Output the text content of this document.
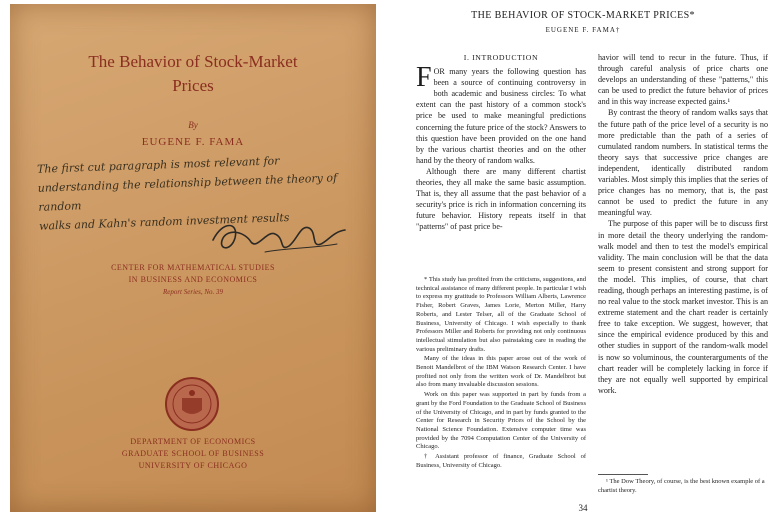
The Behavior of Stock-Market
Prices
By
EUGENE F. FAMA
The first cut paragraph is most relevant for
understanding the relationship between the theory of random
walks and Kahn's random investment results
CENTER FOR MATHEMATICAL STUDIES
IN BUSINESS AND ECONOMICS
Report Series, No. 39
DEPARTMENT OF ECONOMICS
GRADUATE SCHOOL OF BUSINESS
UNIVERSITY OF CHICAGO
THE BEHAVIOR OF STOCK-MARKET PRICES*
EUGENE F. FAMA†
I. INTRODUCTION

FOR many years the following question has been a source of continuing controversy in both academic and business circles: To what extent can the past history of a common stock's price be used to make meaningful predictions concerning the future price of the stock? Answers to this question have been provided on the one hand by the various chartist theories and on the other hand by the theory of random walks.

Although there are many different chartist theories, they all make the same basic assumption. That is, they all assume that the past behavior of a security's price is rich in information concerning its future behavior. History repeats itself in that "patterns" of past price be-

* This study has profited from the criticisms, suggestions, and technical assistance of many different people. In particular I wish to express my gratitude to Professors William Alberts, Lawrence Fisher, Robert Graves, James Lorie, Merton Miller, Harry Roberts, and Lester Telser, all of the Graduate School of Business, University of Chicago. I wish especially to thank Professors Miller and Roberts for providing not only continuous intellectual stimulation but also painstaking care in reading the various preliminary drafts.

Many of the ideas in this paper arose out of the work of Benoit Mandelbrot of the IBM Watson Research Center. I have profited not only from the written work of Dr. Mandelbrot but also from many invaluable discussion sessions.

Work on this paper was supported in part by funds from a grant by the Ford Foundation to the Graduate School of Business of the University of Chicago, and in part by funds granted to the Center for Research in Security Prices of the School by the National Science Foundation. Extensive computer time was provided by the 7094 Computation Center of the University of Chicago.

† Assistant professor of finance, Graduate School of Business, University of Chicago.

havior will tend to recur in the future. Thus, if through careful analysis of price charts one develops an understanding of these "patterns," this can be used to predict the future behavior of prices and in this way increase expected gains.¹

By contrast the theory of random walks says that the future path of the price level of a security is no more predictable than the path of a series of cumulated random numbers. In statistical terms the theory says that successive price changes are independent, identically distributed random variables. Most simply this implies that the series of price changes has no memory, that is, the past cannot be used to predict the future in any meaningful way.

The purpose of this paper will be to discuss first in more detail the theory underlying the random-walk model and then to test the model's empirical validity. The main conclusion will be that the data seem to present consistent and strong support for the model. This implies, of course, that chart reading, though perhaps an interesting pastime, is of no real value to the stock market investor. This is an extreme statement and the chart reader is certainly free to take exception. We suggest, however, that since the empirical evidence produced by this and other studies in support of the random-walk model is now so voluminous, the counterarguments of the chart reader will be completely lacking in force if they are not equally well supported by empirical work.

¹ The Dow Theory, of course, is the best known example of a chartist theory.

34
